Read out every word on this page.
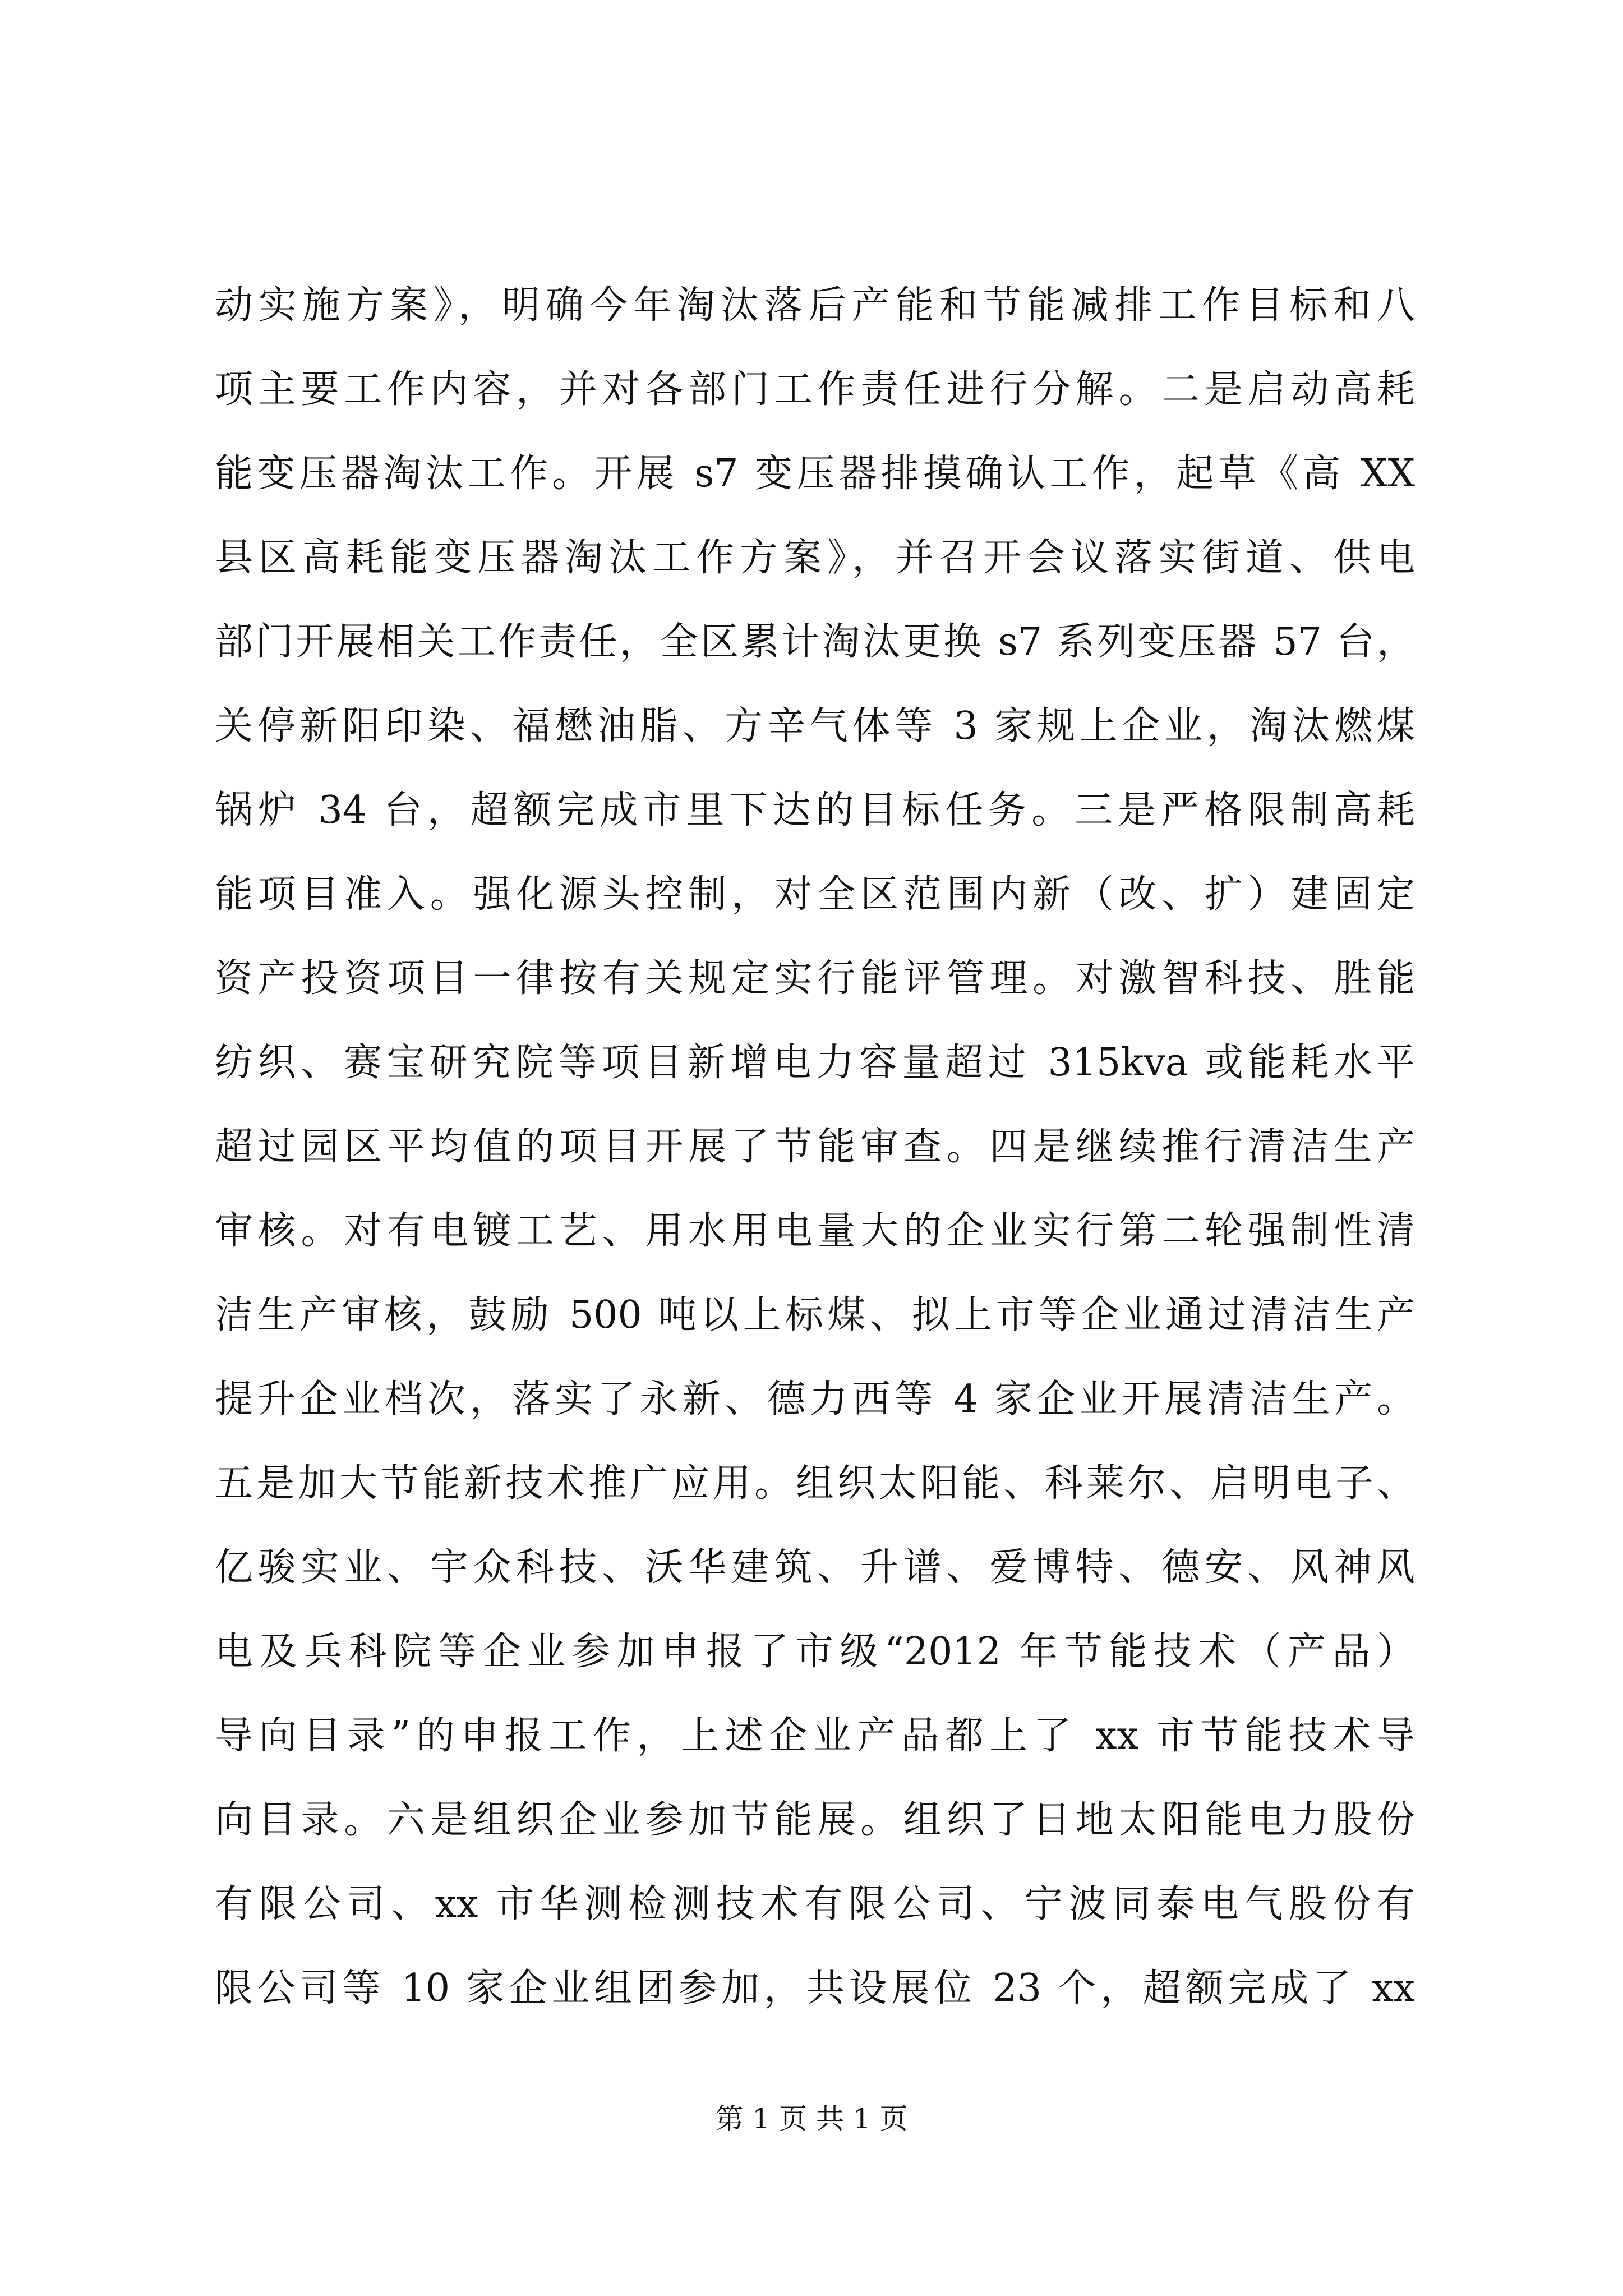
动实施方案》，明确今年淘汰落后产能和节能减排工作目标和八
项主要工作内容，并对各部门工作责任进行分解。二是启动高耗
能变压器淘汰工作。开展 s7 变压器排摸确认工作，起草《高 XX
县区高耗能变压器淘汰工作方案》，并召开会议落实街道、供电
部门开展相关工作责任，全区累计淘汰更换 s7 系列变压器 57 台，
关停新阳印染、福懋油脂、方辛气体等 3 家规上企业，淘汰燃煤
锅炉 34 台，超额完成市里下达的目标任务。三是严格限制高耗
能项目准入。强化源头控制，对全区范围内新（改、扩）建固定
资产投资项目一律按有关规定实行能评管理。对激智科技、胜能
纺织、赛宝研究院等项目新增电力容量超过 315kva 或能耗水平
超过园区平均值的项目开展了节能审查。四是继续推行清洁生产
审核。对有电镀工艺、用水用电量大的企业实行第二轮强制性清
洁生产审核，鼓励 500 吨以上标煤、拟上市等企业通过清洁生产
提升企业档次，落实了永新、德力西等 4 家企业开展清洁生产。
五是加大节能新技术推广应用。组织太阳能、科莱尔、启明电子、
亿骏实业、宇众科技、沃华建筑、升谱、爱博特、德安、风神风
电及兵科院等企业参加申报了市级“2012 年节能技术（产品）
导向目录”的申报工作，上述企业产品都上了 xx 市节能技术导
向目录。六是组织企业参加节能展。组织了日地太阳能电力股份
有限公司、xx 市华测检测技术有限公司、宁波同泰电气股份有
限公司等 10 家企业组团参加，共设展位 23 个，超额完成了 xx
第 1 页 共 1 页
